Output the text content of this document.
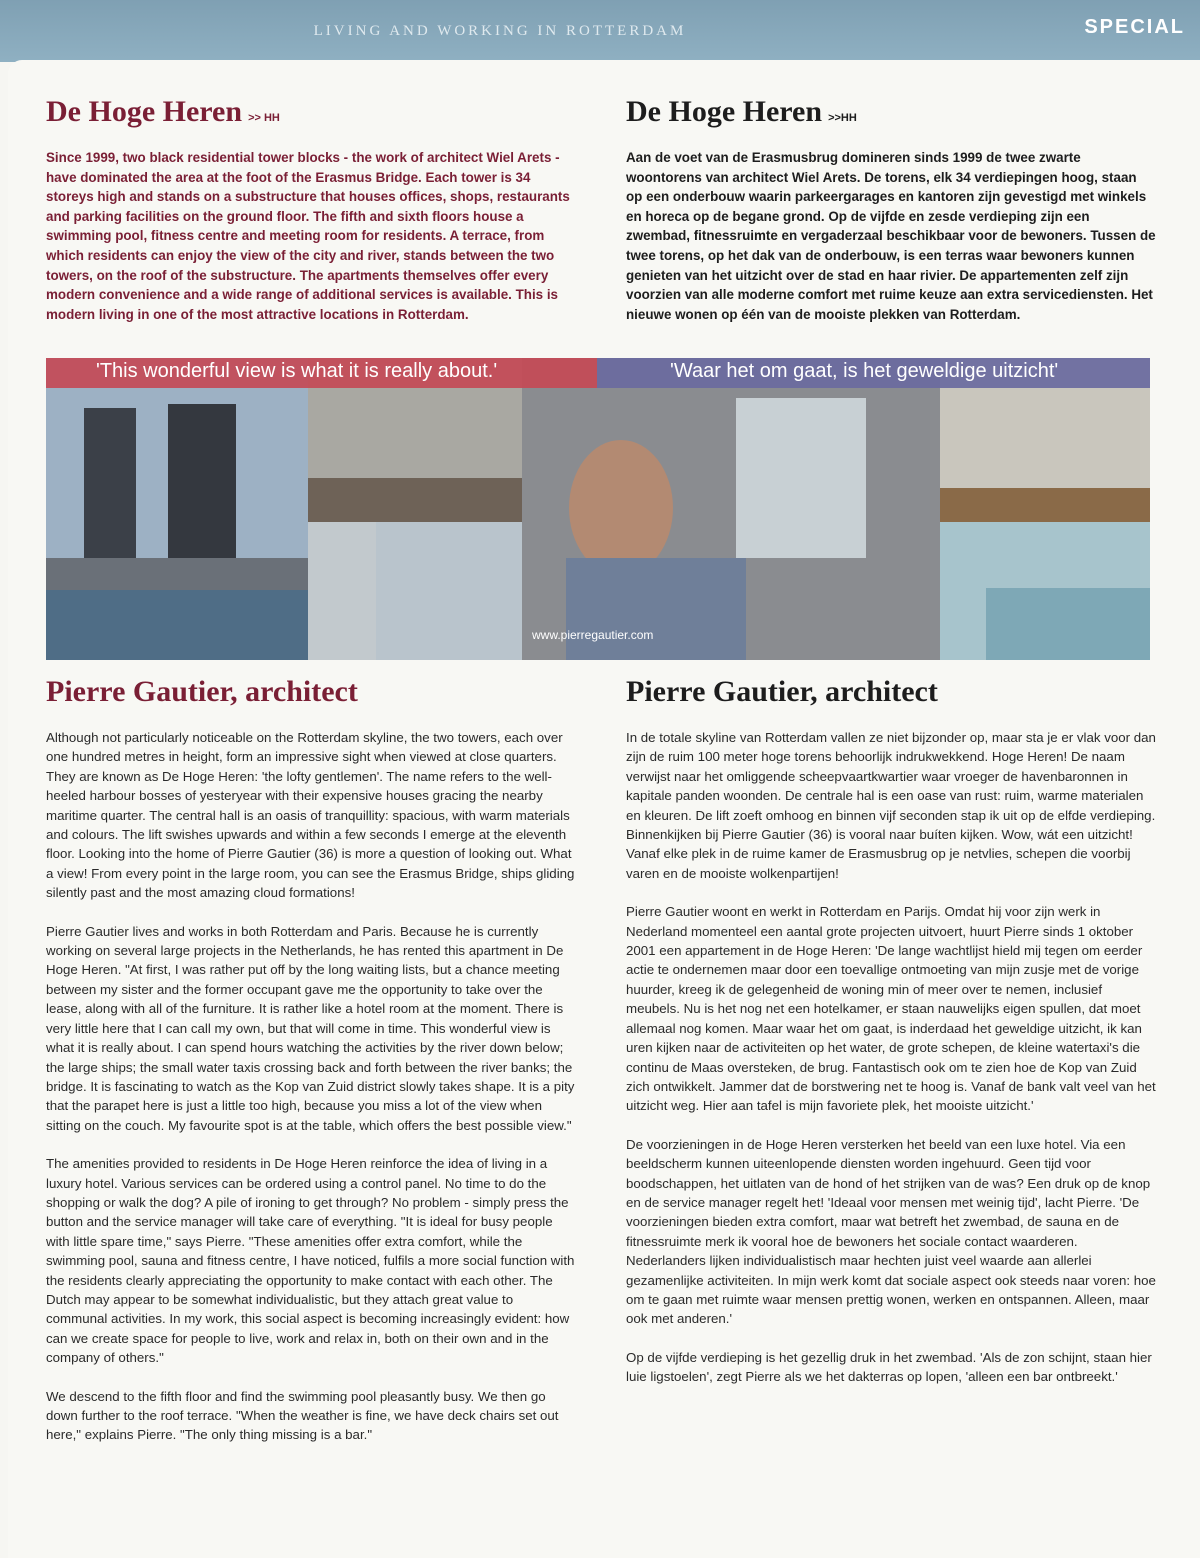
LIVING AND WORKING IN ROTTERDAM	SPECIAL
De Hoge Heren >> HH

Since 1999, two black residential tower blocks - the work of architect Wiel Arets - have dominated the area at the foot of the Erasmus Bridge. Each tower is 34 storeys high and stands on a substructure that houses offices, shops, restaurants and parking facilities on the ground floor. The fifth and sixth floors house a swimming pool, fitness centre and meeting room for residents. A terrace, from which residents can enjoy the view of the city and river, stands between the two towers, on the roof of the substructure. The apartments themselves offer every modern convenience and a wide range of additional services is available. This is modern living in one of the most attractive locations in Rotterdam.

De Hoge Heren >>HH

Aan de voet van de Erasmusbrug domineren sinds 1999 de twee zwarte woontorens van architect Wiel Arets. De torens, elk 34 verdiepingen hoog, staan op een onderbouw waarin parkeergarages en kantoren zijn gevestigd met winkels en horeca op de begane grond. Op de vijfde en zesde verdieping zijn een zwembad, fitnessruimte en vergaderzaal beschikbaar voor de bewoners. Tussen de twee torens, op het dak van de onderbouw, is een terras waar bewoners kunnen genieten van het uitzicht over de stad en haar rivier. De appartementen zelf zijn voorzien van alle moderne comfort met ruime keuze aan extra servicediensten. Het nieuwe wonen op één van de mooiste plekken van Rotterdam.

'This wonderful view is what it is really about.'	'Waar het om gaat, is het geweldige uitzicht'
www.pierregautier.com
Pierre Gautier, architect

Although not particularly noticeable on the Rotterdam skyline, the two towers, each over one hundred metres in height, form an impressive sight when viewed at close quarters. They are known as De Hoge Heren: 'the lofty gentlemen'. The name refers to the well-heeled harbour bosses of yesteryear with their expensive houses gracing the nearby maritime quarter. The central hall is an oasis of tranquillity: spacious, with warm materials and colours. The lift swishes upwards and within a few seconds I emerge at the eleventh floor. Looking into the home of Pierre Gautier (36) is more a question of looking out. What a view! From every point in the large room, you can see the Erasmus Bridge, ships gliding silently past and the most amazing cloud formations!

Pierre Gautier lives and works in both Rotterdam and Paris. Because he is currently working on several large projects in the Netherlands, he has rented this apartment in De Hoge Heren. "At first, I was rather put off by the long waiting lists, but a chance meeting between my sister and the former occupant gave me the opportunity to take over the lease, along with all of the furniture. It is rather like a hotel room at the moment. There is very little here that I can call my own, but that will come in time. This wonderful view is what it is really about. I can spend hours watching the activities by the river down below; the large ships; the small water taxis crossing back and forth between the river banks; the bridge. It is fascinating to watch as the Kop van Zuid district slowly takes shape. It is a pity that the parapet here is just a little too high, because you miss a lot of the view when sitting on the couch. My favourite spot is at the table, which offers the best possible view."

The amenities provided to residents in De Hoge Heren reinforce the idea of living in a luxury hotel. Various services can be ordered using a control panel. No time to do the shopping or walk the dog? A pile of ironing to get through? No problem - simply press the button and the service manager will take care of everything. "It is ideal for busy people with little spare time," says Pierre. "These amenities offer extra comfort, while the swimming pool, sauna and fitness centre, I have noticed, fulfils a more social function with the residents clearly appreciating the opportunity to make contact with each other. The Dutch may appear to be somewhat individualistic, but they attach great value to communal activities. In my work, this social aspect is becoming increasingly evident: how can we create space for people to live, work and relax in, both on their own and in the company of others."

We descend to the fifth floor and find the swimming pool pleasantly busy. We then go down further to the roof terrace. "When the weather is fine, we have deck chairs set out here," explains Pierre. "The only thing missing is a bar."

Pierre Gautier, architect

In de totale skyline van Rotterdam vallen ze niet bijzonder op, maar sta je er vlak voor dan zijn de ruim 100 meter hoge torens behoorlijk indrukwekkend. Hoge Heren! De naam verwijst naar het omliggende scheepvaartkwartier waar vroeger de havenbaronnen in kapitale panden woonden. De centrale hal is een oase van rust: ruim, warme materialen en kleuren. De lift zoeft omhoog en binnen vijf seconden stap ik uit op de elfde verdieping. Binnenkijken bij Pierre Gautier (36) is vooral naar buíten kijken. Wow, wát een uitzicht! Vanaf elke plek in de ruime kamer de Erasmusbrug op je netvlies, schepen die voorbij varen en de mooiste wolkenpartijen!

Pierre Gautier woont en werkt in Rotterdam en Parijs. Omdat hij voor zijn werk in Nederland momenteel een aantal grote projecten uitvoert, huurt Pierre sinds 1 oktober 2001 een appartement in de Hoge Heren: 'De lange wachtlijst hield mij tegen om eerder actie te ondernemen maar door een toevallige ontmoeting van mijn zusje met de vorige huurder, kreeg ik de gelegenheid de woning min of meer over te nemen, inclusief meubels. Nu is het nog net een hotelkamer, er staan nauwelijks eigen spullen, dat moet allemaal nog komen. Maar waar het om gaat, is inderdaad het geweldige uitzicht, ik kan uren kijken naar de activiteiten op het water, de grote schepen, de kleine watertaxi's die continu de Maas oversteken, de brug. Fantastisch ook om te zien hoe de Kop van Zuid zich ontwikkelt. Jammer dat de borstwering net te hoog is. Vanaf de bank valt veel van het uitzicht weg. Hier aan tafel is mijn favoriete plek, het mooiste uitzicht.'

De voorzieningen in de Hoge Heren versterken het beeld van een luxe hotel. Via een beeldscherm kunnen uiteenlopende diensten worden ingehuurd. Geen tijd voor boodschappen, het uitlaten van de hond of het strijken van de was? Een druk op de knop en de service manager regelt het! 'Ideaal voor mensen met weinig tijd', lacht Pierre. 'De voorzieningen bieden extra comfort, maar wat betreft het zwembad, de sauna en de fitnessruimte merk ik vooral hoe de bewoners het sociale contact waarderen. Nederlanders lijken individualistisch maar hechten juist veel waarde aan allerlei gezamenlijke activiteiten. In mijn werk komt dat sociale aspect ook steeds naar voren: hoe om te gaan met ruimte waar mensen prettig wonen, werken en ontspannen. Alleen, maar ook met anderen.'

Op de vijfde verdieping is het gezellig druk in het zwembad. 'Als de zon schijnt, staan hier luie ligstoelen', zegt Pierre als we het dakterras op lopen, 'alleen een bar ontbreekt.'
